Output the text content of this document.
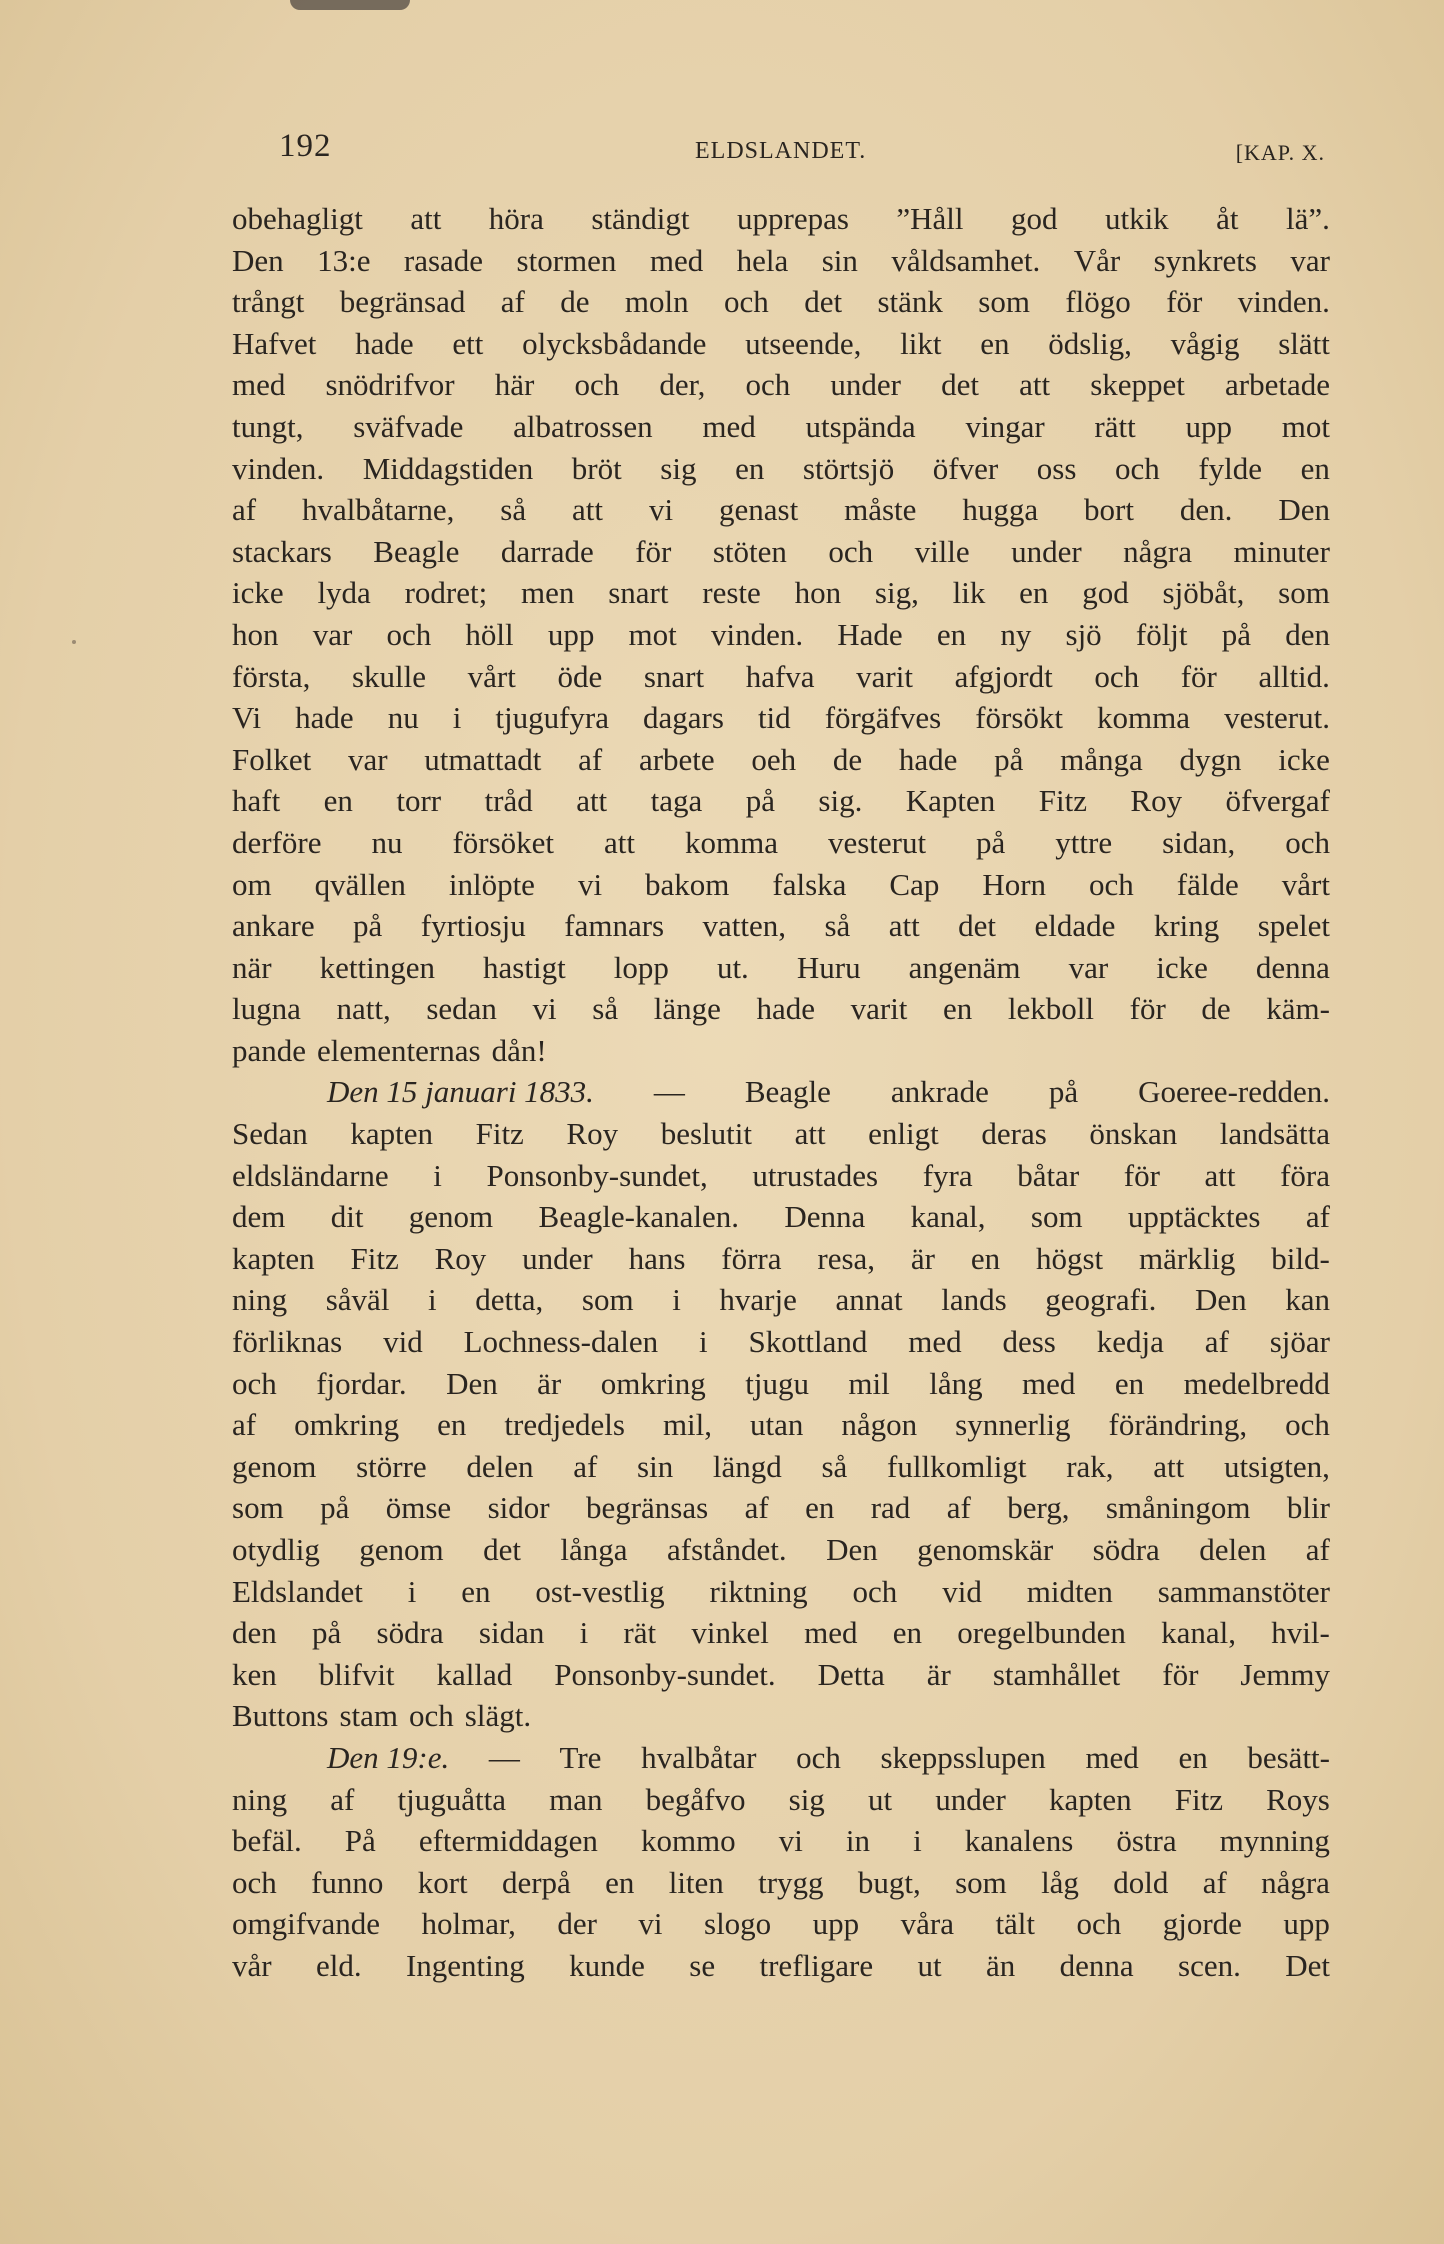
192	ELDSLANDET.	[KAP. X.
obehagligt att höra ständigt upprepas ”Håll god utkik åt lä”.
Den 13:e rasade stormen med hela sin våldsamhet. Vår synkrets var
trångt begränsad af de moln och det stänk som flögo för vinden.
Hafvet hade ett olycksbådande utseende, likt en ödslig, vågig slätt
med snödrifvor här och der, och under det att skeppet arbetade
tungt, sväfvade albatrossen med utspända vingar rätt upp mot
vinden. Middagstiden bröt sig en störtsjö öfver oss och fylde en
af hvalbåtarne, så att vi genast måste hugga bort den. Den
stackars Beagle darrade för stöten och ville under några minuter
icke lyda rodret; men snart reste hon sig, lik en god sjöbåt, som
hon var och höll upp mot vinden. Hade en ny sjö följt på den
första, skulle vårt öde snart hafva varit afgjordt och för alltid.
Vi hade nu i tjugufyra dagars tid förgäfves försökt komma vesterut.
Folket var utmattadt af arbete oeh de hade på många dygn icke
haft en torr tråd att taga på sig. Kapten Fitz Roy öfvergaf
derföre nu försöket att komma vesterut på yttre sidan, och
om qvällen inlöpte vi bakom falska Cap Horn och fälde vårt
ankare på fyrtiosju famnars vatten, så att det eldade kring spelet
när kettingen hastigt lopp ut. Huru angenäm var icke denna
lugna natt, sedan vi så länge hade varit en lekboll för de käm-
pande elementernas dån!
Den 15 januari 1833. — Beagle ankrade på Goeree-redden.
Sedan kapten Fitz Roy beslutit att enligt deras önskan landsätta
eldsländarne i Ponsonby-sundet, utrustades fyra båtar för att föra
dem dit genom Beagle-kanalen. Denna kanal, som upptäcktes af
kapten Fitz Roy under hans förra resa, är en högst märklig bild-
ning såväl i detta, som i hvarje annat lands geografi. Den kan
förliknas vid Lochness-dalen i Skottland med dess kedja af sjöar
och fjordar. Den är omkring tjugu mil lång med en medelbredd
af omkring en tredjedels mil, utan någon synnerlig förändring, och
genom större delen af sin längd så fullkomligt rak, att utsigten,
som på ömse sidor begränsas af en rad af berg, småningom blir
otydlig genom det långa afståndet. Den genomskär södra delen af
Eldslandet i en ost-vestlig riktning och vid midten sammanstöter
den på södra sidan i rät vinkel med en oregelbunden kanal, hvil-
ken blifvit kallad Ponsonby-sundet. Detta är stamhållet för Jemmy
Buttons stam och slägt.
Den 19:e. — Tre hvalbåtar och skeppsslupen med en besätt-
ning af tjuguåtta man begåfvo sig ut under kapten Fitz Roys
befäl. På eftermiddagen kommo vi in i kanalens östra mynning
och funno kort derpå en liten trygg bugt, som låg dold af några
omgifvande holmar, der vi slogo upp våra tält och gjorde upp
vår eld. Ingenting kunde se trefligare ut än denna scen. Det
